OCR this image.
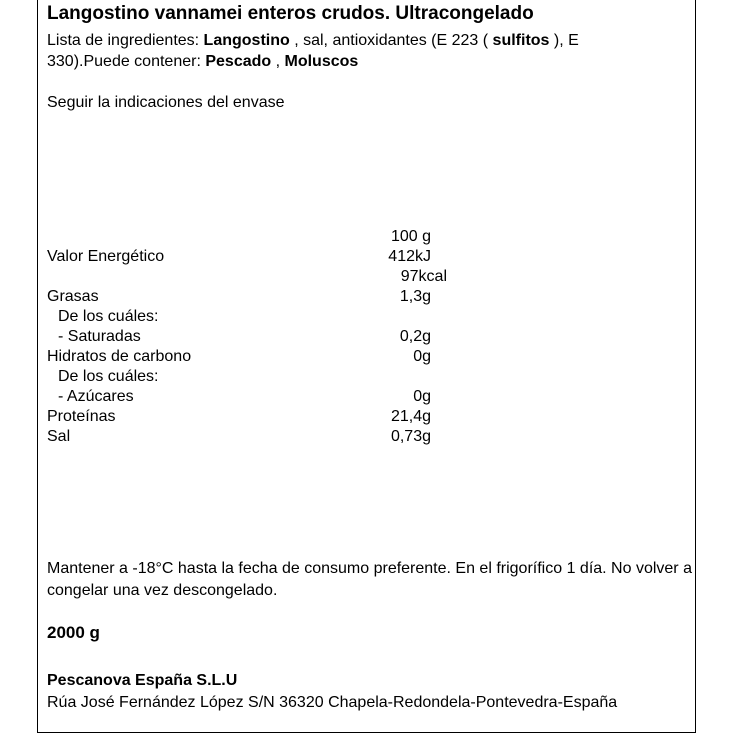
Langostino vannamei enteros crudos. Ultracongelado
Lista de ingredientes: Langostino , sal, antioxidantes (E 223 ( sulfitos ), E 330).Puede contener: Pescado , Moluscos
Seguir la indicaciones del envase
100 g
Valor Energético	412kJ
97kcal
Grasas	1,3g
De los cuáles:
- Saturadas	0,2g
Hidratos de carbono	0g
De los cuáles:
- Azúcares	0g
Proteínas	21,4g
Sal	0,73g
Mantener a -18°C hasta la fecha de consumo preferente. En el frigorífico 1 día. No volver a congelar una vez descongelado.
2000 g
Pescanova España S.L.U
Rúa José Fernández López S/N 36320 Chapela-Redondela-Pontevedra-España
